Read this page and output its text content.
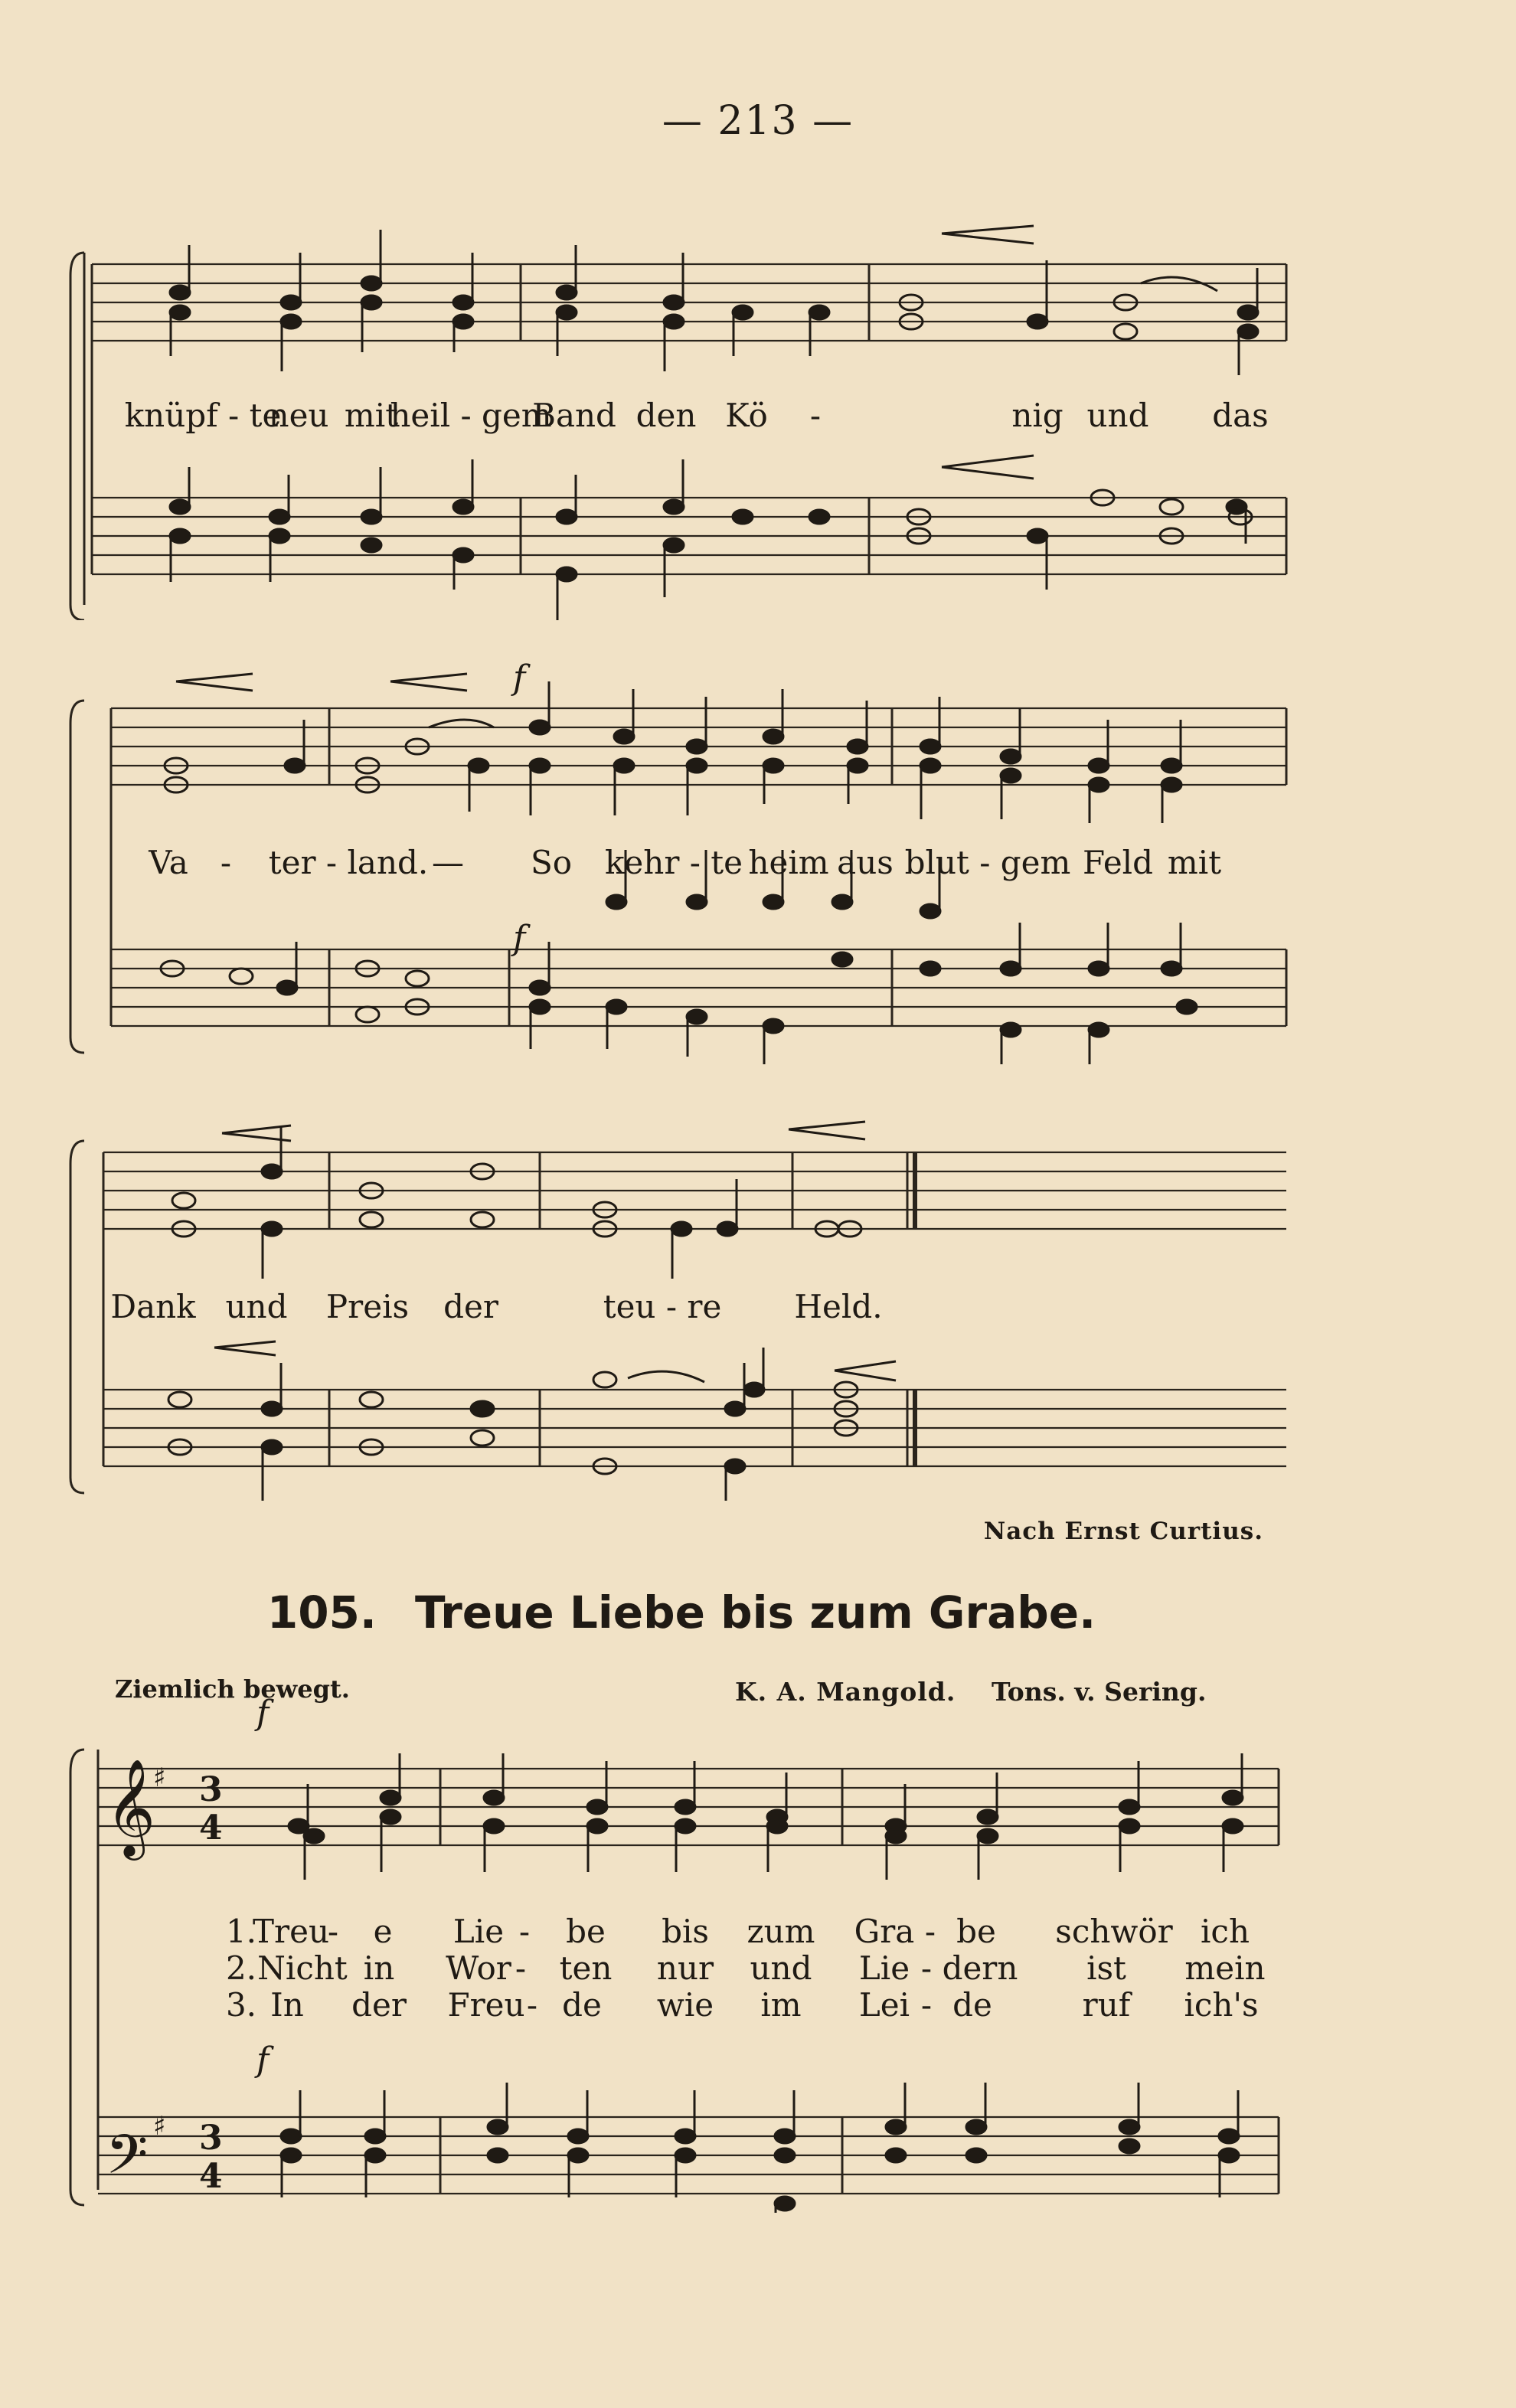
— 213 —
knüpf - te
neu mit
heil - gem
Band den Kö -	nig und das
f
f
Va - ter - land. — So kehr - te heim aus blut - gem Feld mit
Dank und Preis der	teu - re Held.
Nach Ernst Curtius.
105. Treue Liebe bis zum Grabe.
Ziemlich bewegt.	K. A. Mangold. Tons. v. Sering.
𝄞
𝄢
♯
♯
3
4
3
4
f
f
1.
Treu
- e Lie - be bis zum Gra - be schwör ich
2. Nicht in Wor - ten nur und Lie - dern ist mein
3. In der Freu - de wie im Lei - de	ruf ich's
